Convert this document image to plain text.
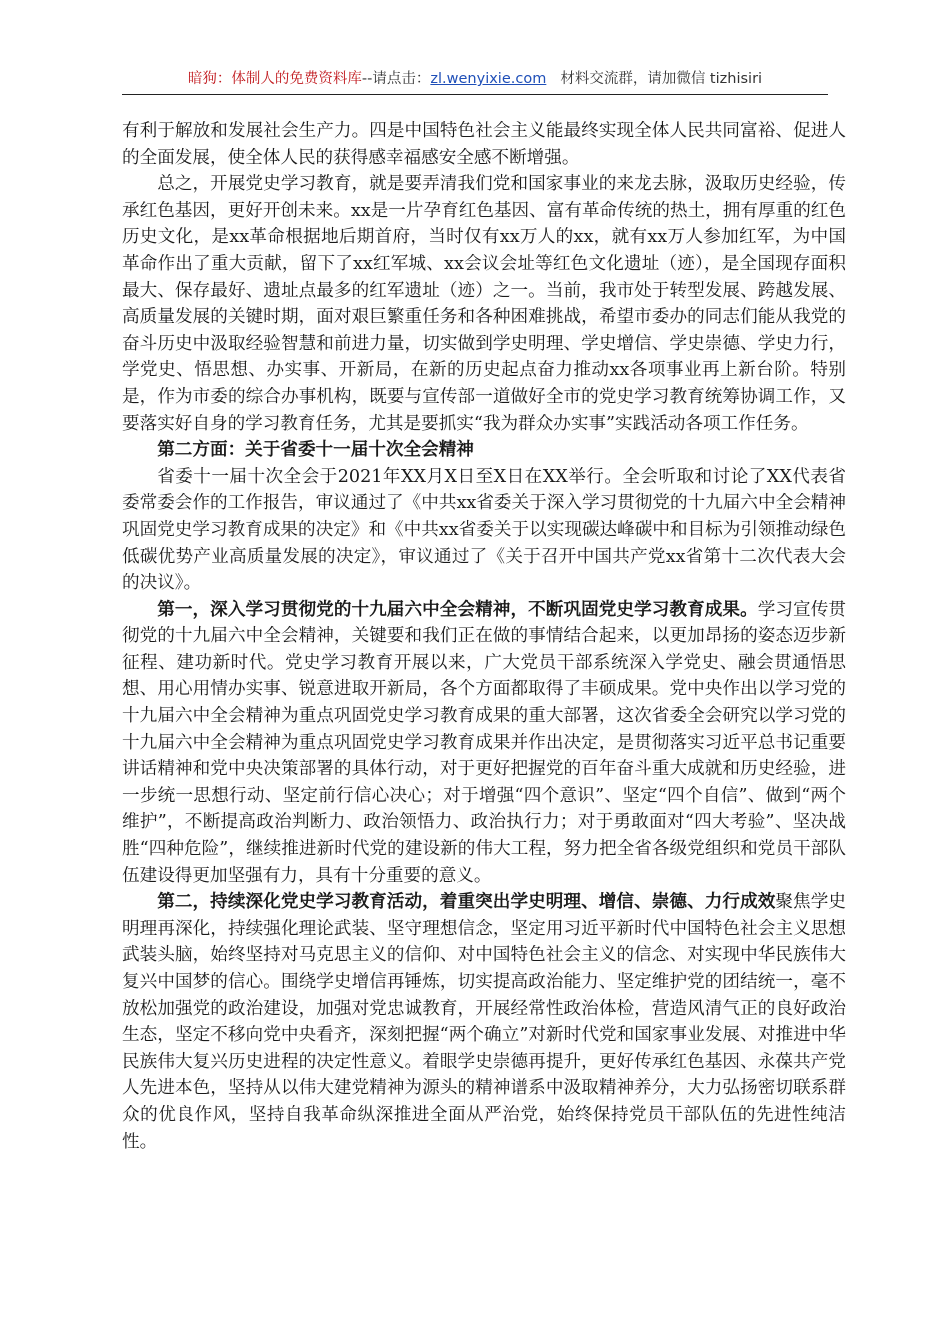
暗狗：体制人的免费资料库--请点击：zl.wenyixie.com 材料交流群，请加微信 tizhisiri

有利于解放和发展社会生产力。四是中国特色社会主义能最终实现全体人民共同富裕、促进人的全面发展，使全体人民的获得感幸福感安全感不断增强。

总之，开展党史学习教育，就是要弄清我们党和国家事业的来龙去脉，汲取历史经验，传承红色基因，更好开创未来。xx是一片孕育红色基因、富有革命传统的热土，拥有厚重的红色历史文化，是xx革命根据地后期首府，当时仅有xx万人的xx，就有xx万人参加红军，为中国革命作出了重大贡献，留下了xx红军城、xx会议会址等红色文化遗址（迹），是全国现存面积最大、保存最好、遗址点最多的红军遗址（迹）之一。当前，我市处于转型发展、跨越发展、高质量发展的关键时期，面对艰巨繁重任务和各种困难挑战，希望市委办的同志们能从我党的奋斗历史中汲取经验智慧和前进力量，切实做到学史明理、学史增信、学史崇德、学史力行，学党史、悟思想、办实事、开新局，在新的历史起点奋力推动xx各项事业再上新台阶。特别是，作为市委的综合办事机构，既要与宣传部一道做好全市的党史学习教育统筹协调工作，又要落实好自身的学习教育任务，尤其是要抓实“我为群众办实事”实践活动各项工作任务。

第二方面：关于省委十一届十次全会精神

省委十一届十次全会于2021年XX月X日至X日在XX举行。全会听取和讨论了XX代表省委常委会作的工作报告，审议通过了《中共xx省委关于深入学习贯彻党的十九届六中全会精神巩固党史学习教育成果的决定》和《中共xx省委关于以实现碳达峰碳中和目标为引领推动绿色低碳优势产业高质量发展的决定》，审议通过了《关于召开中国共产党xx省第十二次代表大会的决议》。

第一，深入学习贯彻党的十九届六中全会精神，不断巩固党史学习教育成果。学习宣传贯彻党的十九届六中全会精神，关键要和我们正在做的事情结合起来，以更加昂扬的姿态迈步新征程、建功新时代。党史学习教育开展以来，广大党员干部系统深入学党史、融会贯通悟思想、用心用情办实事、锐意进取开新局，各个方面都取得了丰硕成果。党中央作出以学习党的十九届六中全会精神为重点巩固党史学习教育成果的重大部署，这次省委全会研究以学习党的十九届六中全会精神为重点巩固党史学习教育成果并作出决定，是贯彻落实习近平总书记重要讲话精神和党中央决策部署的具体行动，对于更好把握党的百年奋斗重大成就和历史经验，进一步统一思想行动、坚定前行信心决心；对于增强“四个意识”、坚定“四个自信”、做到“两个维护”，不断提高政治判断力、政治领悟力、政治执行力；对于勇敢面对“四大考验”、坚决战胜“四种危险”，继续推进新时代党的建设新的伟大工程，努力把全省各级党组织和党员干部队伍建设得更加坚强有力，具有十分重要的意义。

第二，持续深化党史学习教育活动，着重突出学史明理、增信、崇德、力行成效聚焦学史明理再深化，持续强化理论武装、坚守理想信念，坚定用习近平新时代中国特色社会主义思想武装头脑，始终坚持对马克思主义的信仰、对中国特色社会主义的信念、对实现中华民族伟大复兴中国梦的信心。围绕学史增信再锤炼，切实提高政治能力、坚定维护党的团结统一，毫不放松加强党的政治建设，加强对党忠诚教育，开展经常性政治体检，营造风清气正的良好政治生态，坚定不移向党中央看齐，深刻把握“两个确立”对新时代党和国家事业发展、对推进中华民族伟大复兴历史进程的决定性意义。着眼学史崇德再提升，更好传承红色基因、永葆共产党人先进本色，坚持从以伟大建党精神为源头的精神谱系中汲取精神养分，大力弘扬密切联系群众的优良作风，坚持自我革命纵深推进全面从严治党，始终保持党员干部队伍的先进性纯洁性。
